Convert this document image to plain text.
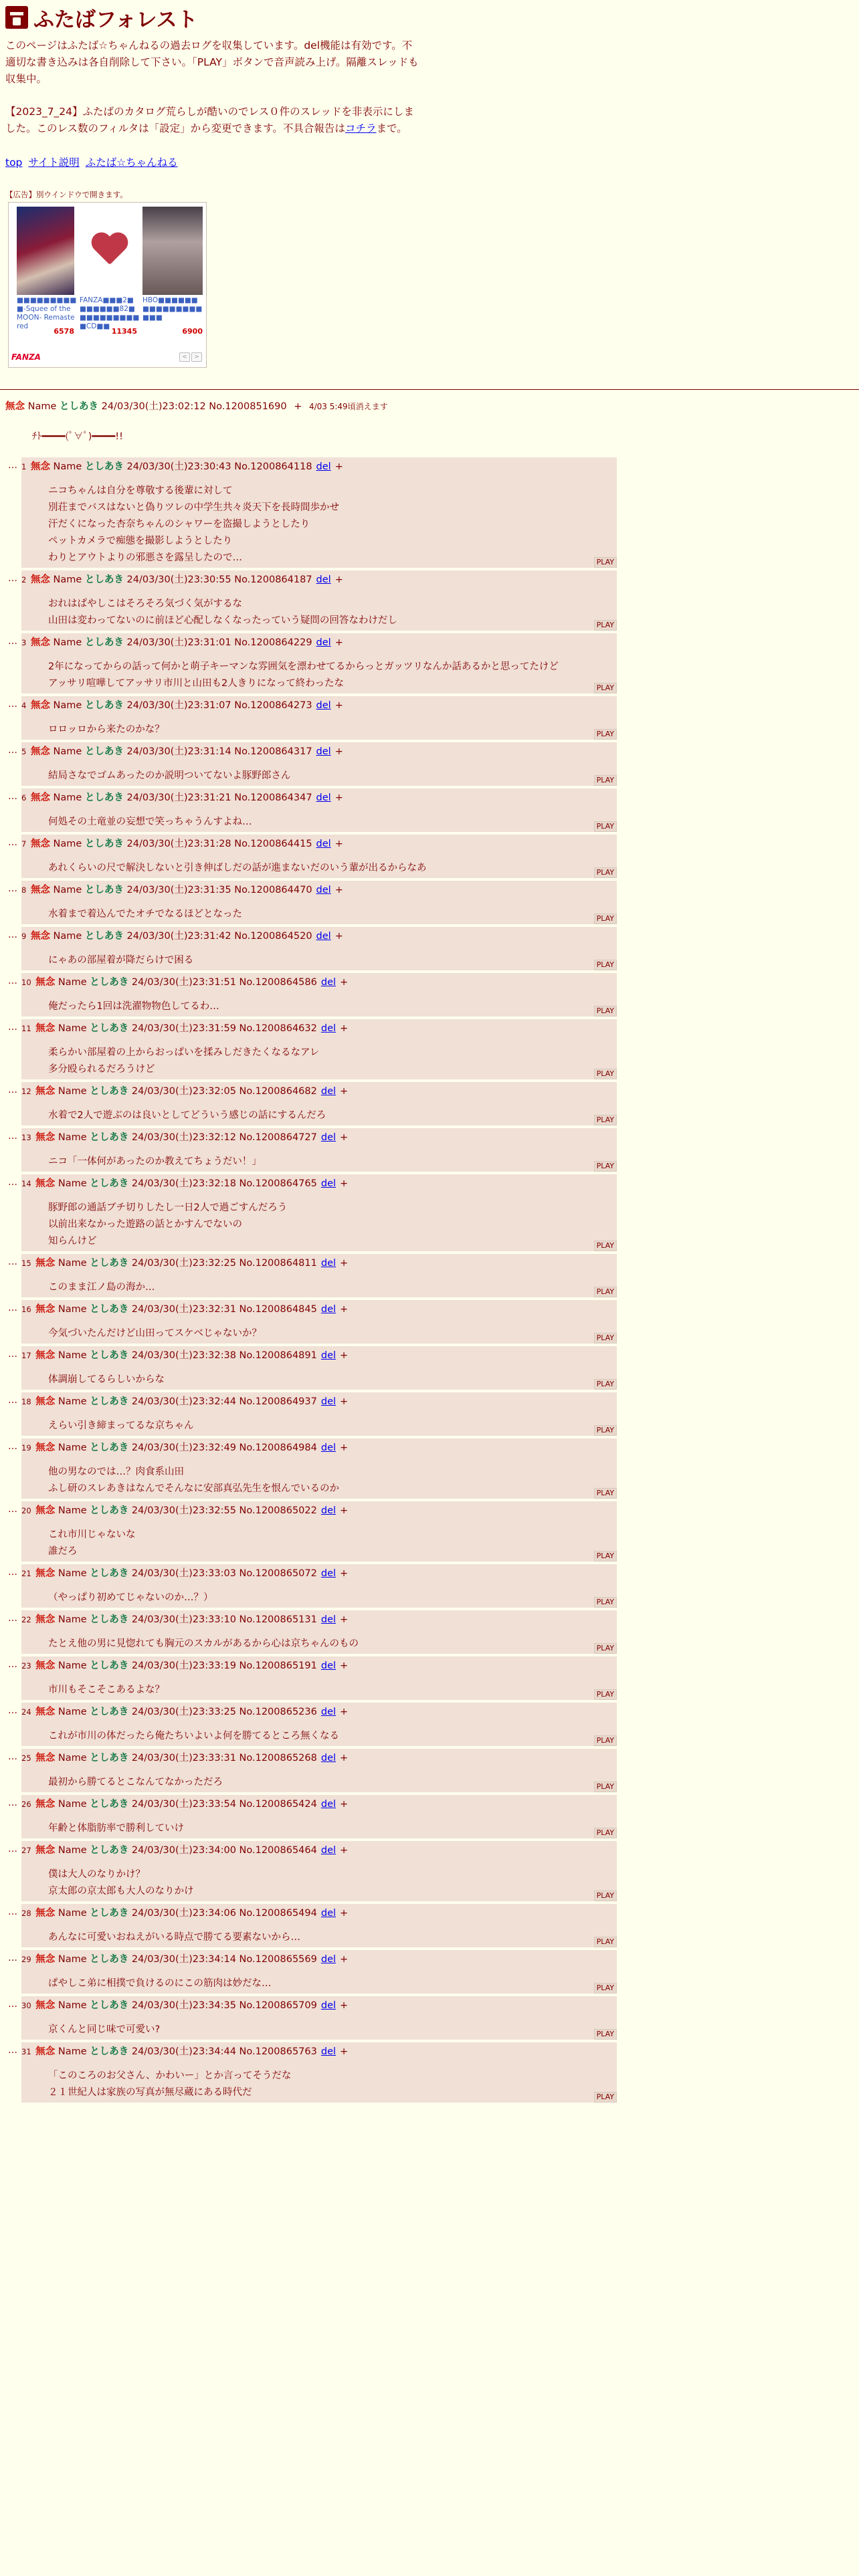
ふたばフォレスト

このページはふたば☆ちゃんねるの過去ログを収集しています。del機能は有効です。不適切な書き込みは各自削除して下さい。「PLAY」ボタンで音声読み上げ。隔離スレッドも収集中。

【2023_7_24】ふたばのカタログ荒らしが酷いのでレス０件のスレッドを非表示にしました。このレス数のフィルタは「設定」から変更できます。不具合報告はコチラまで。

top サイト説明 ふたば☆ちゃんねる
【広告】別ウインドウで開きます。
■■■■■■■■■■-Squee of the MOON- Remastered
FANZA■■■2■■■■■■■82■■■■■■■■■■■CD■■
HBO■■■■■■■■■■■■■■■■■■
6578	11345	6900
FANZA	<	>
無念 Name としあき 24/03/30(土)23:02:12 No.1200851690 + 4/03 5:49頃消えます
ﾁﾄ━━━━(ﾟ∀ﾟ)━━━━!!
… 1 無念 Name としあき 24/03/30(土)23:30:43 No.1200864118 del +
ニコちゃんは自分を尊敬する後輩に対して
別荘までバスはないと偽りツレの中学生共々炎天下を長時間歩かせ
汗だくになった杏奈ちゃんのシャワーを盗撮しようとしたり
ペットカメラで痴態を撮影しようとしたり
わりとアウトよりの邪悪さを露呈したので…	PLAY
… 2 無念 Name としあき 24/03/30(土)23:30:55 No.1200864187 del +
おれはぱやしこはそろそろ気づく気がするな
山田は変わってないのに前ほど心配しなくなったっていう疑問の回答なわけだし	PLAY
… 3 無念 Name としあき 24/03/30(土)23:31:01 No.1200864229 del +
2年になってからの話って何かと萌子キーマンな雰囲気を漂わせてるからっとガッツリなんか話あるかと思ってたけど
アッサリ喧嘩してアッサリ市川と山田も2人きりになって終わったな	PLAY
… 4 無念 Name としあき 24/03/30(土)23:31:07 No.1200864273 del +
ロロッロから来たのかな？	PLAY
… 5 無念 Name としあき 24/03/30(土)23:31:14 No.1200864317 del +
結局さなでゴムあったのか説明ついてないよ豚野郎さん	PLAY
… 6 無念 Name としあき 24/03/30(土)23:31:21 No.1200864347 del +
何処その土竜並の妄想で笑っちゃうんすよね…	PLAY
… 7 無念 Name としあき 24/03/30(土)23:31:28 No.1200864415 del +
あれくらいの尺で解決しないと引き伸ばしだの話が進まないだのいう輩が出るからなあ	PLAY
… 8 無念 Name としあき 24/03/30(土)23:31:35 No.1200864470 del +
水着まで着込んでたオチでなるほどとなった	PLAY
… 9 無念 Name としあき 24/03/30(土)23:31:42 No.1200864520 del +
にゃあの部屋着が降だらけで困る	PLAY
… 10 無念 Name としあき 24/03/30(土)23:31:51 No.1200864586 del +
俺だったら1回は洗濯物物色してるわ…	PLAY
… 11 無念 Name としあき 24/03/30(土)23:31:59 No.1200864632 del +
柔らかい部屋着の上からおっぱいを揉みしだきたくなるなアレ
多分殴られるだろうけど	PLAY
… 12 無念 Name としあき 24/03/30(土)23:32:05 No.1200864682 del +
水着で2人で遊ぶのは良いとしてどういう感じの話にするんだろ	PLAY
… 13 無念 Name としあき 24/03/30(土)23:32:12 No.1200864727 del +
ニコ「一体何があったのか教えてちょうだい！」	PLAY
… 14 無念 Name としあき 24/03/30(土)23:32:18 No.1200864765 del +
豚野郎の通話ブチ切りしたし一日2人で過ごすんだろう
以前出来なかった遊路の話とかすんでないの
知らんけど	PLAY
… 15 無念 Name としあき 24/03/30(土)23:32:25 No.1200864811 del +
このまま江ノ島の海か…	PLAY
… 16 無念 Name としあき 24/03/30(土)23:32:31 No.1200864845 del +
今気づいたんだけど山田ってスケベじゃないか？	PLAY
… 17 無念 Name としあき 24/03/30(土)23:32:38 No.1200864891 del +
体調崩してるらしいからな	PLAY
… 18 無念 Name としあき 24/03/30(土)23:32:44 No.1200864937 del +
えらい引き締まってるな京ちゃん	PLAY
… 19 無念 Name としあき 24/03/30(土)23:32:49 No.1200864984 del +
他の男なのでは…？肉食系山田
ふし研のスレあきはなんでそんなに安部真弘先生を恨んでいるのか	PLAY
… 20 無念 Name としあき 24/03/30(土)23:32:55 No.1200865022 del +
これ市川じゃないな
誰だろ	PLAY
… 21 無念 Name としあき 24/03/30(土)23:33:03 No.1200865072 del +
（やっぱり初めてじゃないのか…？）	PLAY
… 22 無念 Name としあき 24/03/30(土)23:33:10 No.1200865131 del +
たとえ他の男に見惚れても胸元のスカルがあるから心は京ちゃんのもの	PLAY
… 23 無念 Name としあき 24/03/30(土)23:33:19 No.1200865191 del +
市川もそこそこあるよな？	PLAY
… 24 無念 Name としあき 24/03/30(土)23:33:25 No.1200865236 del +
これが市川の体だったら俺たちいよいよ何を勝てるところ無くなる	PLAY
… 25 無念 Name としあき 24/03/30(土)23:33:31 No.1200865268 del +
最初から勝てるとこなんてなかっただろ	PLAY
… 26 無念 Name としあき 24/03/30(土)23:33:54 No.1200865424 del +
年齢と体脂肪率で勝利していけ	PLAY
… 27 無念 Name としあき 24/03/30(土)23:34:00 No.1200865464 del +
僕は大人のなりかけ？
京太郎の京太郎も大人のなりかけ	PLAY
… 28 無念 Name としあき 24/03/30(土)23:34:06 No.1200865494 del +
あんなに可愛いおねえがいる時点で勝てる要素ないから…	PLAY
… 29 無念 Name としあき 24/03/30(土)23:34:14 No.1200865569 del +
ぱやしこ弟に相撲で負けるのにこの筋肉は妙だな…	PLAY
… 30 無念 Name としあき 24/03/30(土)23:34:35 No.1200865709 del +
京くんと同じ味で可愛い?	PLAY
… 31 無念 Name としあき 24/03/30(土)23:34:44 No.1200865763 del +
「このころのお父さん、かわいー」とか言ってそうだな
２１世紀人は家族の写真が無尽蔵にある時代だ	PLAY
